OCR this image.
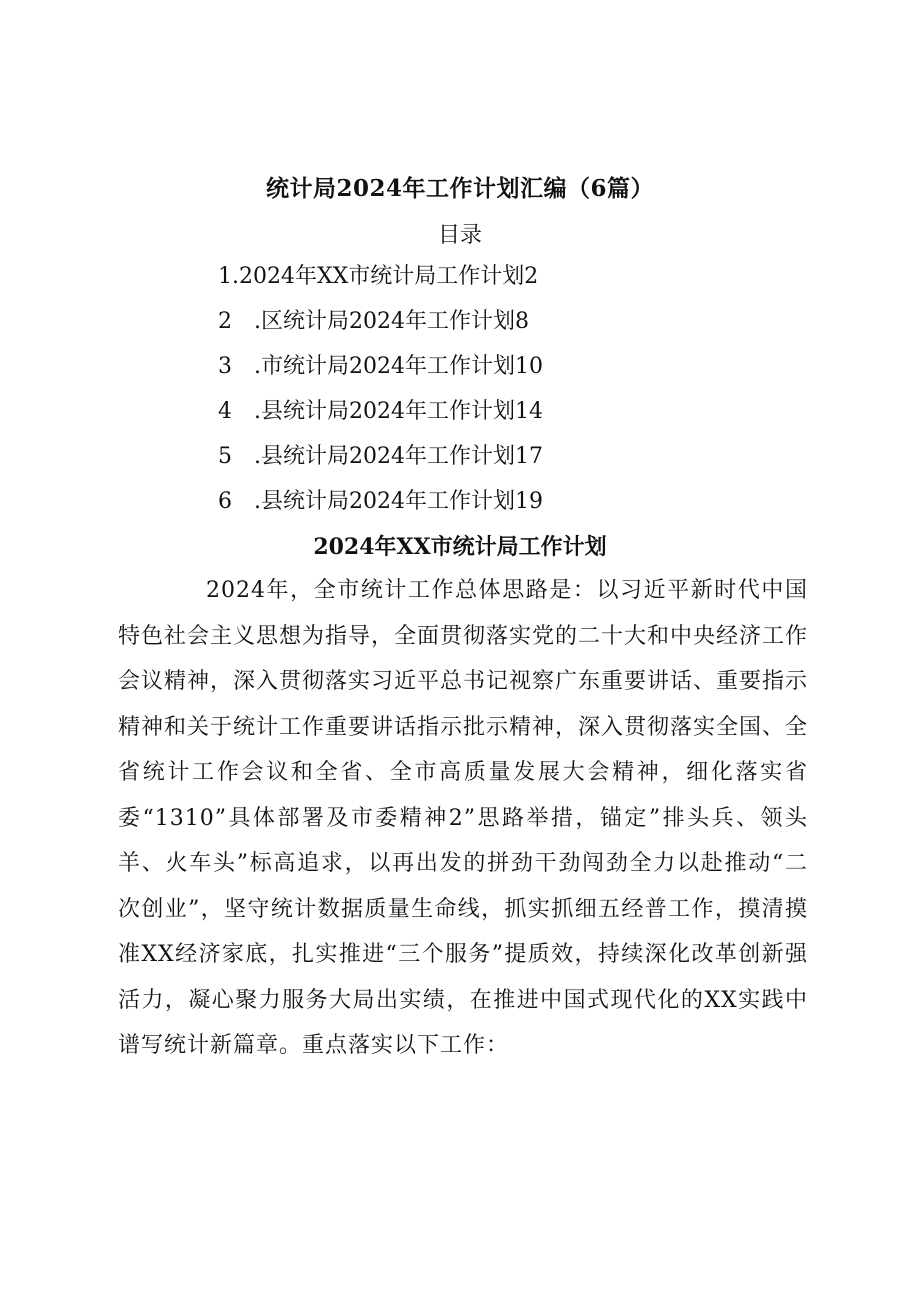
统计局2024年工作计划汇编（6篇）
目录
1.2024年XX市统计局工作计划2
2　.区统计局2024年工作计划8
3　.市统计局2024年工作计划10
4　.县统计局2024年工作计划14
5　.县统计局2024年工作计划17
6　.县统计局2024年工作计划19
2024年XX市统计局工作计划

2024年，全市统计工作总体思路是：以习近平新时代中国特色社会主义思想为指导，全面贯彻落实党的二十大和中央经济工作会议精神，深入贯彻落实习近平总书记视察广东重要讲话、重要指示精神和关于统计工作重要讲话指示批示精神，深入贯彻落实全国、全省统计工作会议和全省、全市高质量发展大会精神，细化落实省委“1310”具体部署及市委精神2”思路举措，锚定”排头兵、领头羊、火车头”标高追求，以再出发的拼劲干劲闯劲全力以赴推动“二次创业”，坚守统计数据质量生命线，抓实抓细五经普工作，摸清摸准XX经济家底，扎实推进“三个服务”提质效，持续深化改革创新强活力，凝心聚力服务大局出实绩，在推进中国式现代化的XX实践中谱写统计新篇章。重点落实以下工作：
